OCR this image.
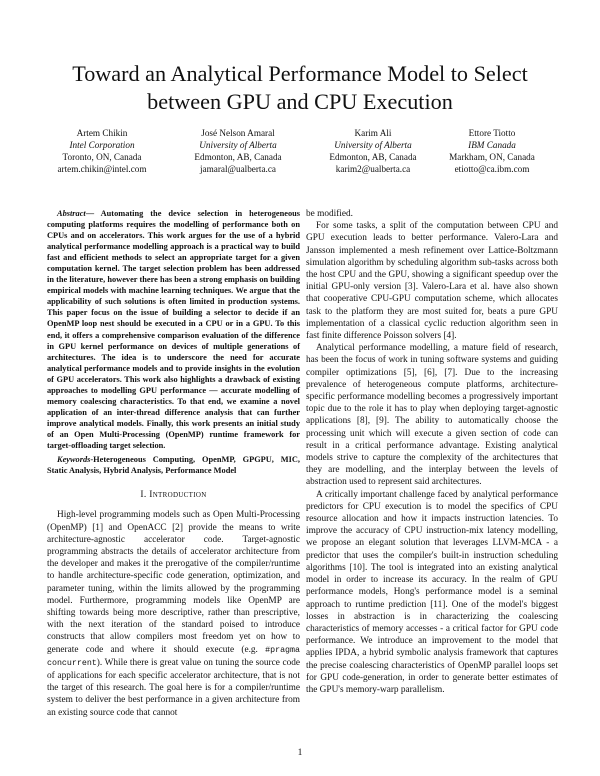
Toward an Analytical Performance Model to Select between GPU and CPU Execution
Artem Chikin
Intel Corporation
Toronto, ON, Canada
artem.chikin@intel.com
José Nelson Amaral
University of Alberta
Edmonton, AB, Canada
jamaral@ualberta.ca
Karim Ali
University of Alberta
Edmonton, AB, Canada
karim2@ualberta.ca
Ettore Tiotto
IBM Canada
Markham, ON, Canada
etiotto@ca.ibm.com

Abstract— Automating the device selection in heterogeneous computing platforms requires the modelling of performance both on CPUs and on accelerators. This work argues for the use of a hybrid analytical performance modelling approach is a practical way to build fast and efficient methods to select an appropriate target for a given computation kernel. The target selection problem has been addressed in the literature, however there has been a strong emphasis on building empirical models with machine learning techniques. We argue that the applicability of such solutions is often limited in production systems. This paper focus on the issue of building a selector to decide if an OpenMP loop nest should be executed in a CPU or in a GPU. To this end, it offers a comprehensive comparison evaluation of the difference in GPU kernel performance on devices of multiple generations of architectures. The idea is to underscore the need for accurate analytical performance models and to provide insights in the evolution of GPU accelerators. This work also highlights a drawback of existing approaches to modelling GPU performance — accurate modelling of memory coalescing characteristics. To that end, we examine a novel application of an inter-thread difference analysis that can further improve analytical models. Finally, this work presents an initial study of an Open Multi-Processing (OpenMP) runtime framework for target-offloading target selection.

Keywords-Heterogeneous Computing, OpenMP, GPGPU, MIC, Static Analysis, Hybrid Analysis, Performance Model

I. Introduction

High-level programming models such as Open Multi-Processing (OpenMP) [1] and OpenACC [2] provide the means to write architecture-agnostic accelerator code. Target-agnostic programming abstracts the details of accelerator architecture from the developer and makes it the prerogative of the compiler/runtime to handle architecture-specific code generation, optimization, and parameter tuning, within the limits allowed by the programming model. Furthermore, programming models like OpenMP are shifting towards being more descriptive, rather than prescriptive, with the next iteration of the standard poised to introduce constructs that allow compilers most freedom yet on how to generate code and where it should execute (e.g. #pragma concurrent). While there is great value on tuning the source code of applications for each specific accelerator architecture, that is not the target of this research. The goal here is for a compiler/runtime system to deliver the best performance in a given architecture from an existing source code that cannot

be modified.

For some tasks, a split of the computation between CPU and GPU execution leads to better performance. Valero-Lara and Jansson implemented a mesh refinement over Lattice-Boltzmann simulation algorithm by scheduling algorithm sub-tasks across both the host CPU and the GPU, showing a significant speedup over the initial GPU-only version [3]. Valero-Lara et al. have also shown that cooperative CPU-GPU computation scheme, which allocates task to the platform they are most suited for, beats a pure GPU implementation of a classical cyclic reduction algorithm seen in fast finite difference Poisson solvers [4].

Analytical performance modelling, a mature field of research, has been the focus of work in tuning software systems and guiding compiler optimizations [5], [6], [7]. Due to the increasing prevalence of heterogeneous compute platforms, architecture-specific performance modelling becomes a progressively important topic due to the role it has to play when deploying target-agnostic applications [8], [9]. The ability to automatically choose the processing unit which will execute a given section of code can result in a critical performance advantage. Existing analytical models strive to capture the complexity of the architectures that they are modelling, and the interplay between the levels of abstraction used to represent said architectures.

A critically important challenge faced by analytical performance predictors for CPU execution is to model the specifics of CPU resource allocation and how it impacts instruction latencies. To improve the accuracy of CPU instruction-mix latency modelling, we propose an elegant solution that leverages LLVM-MCA - a predictor that uses the compiler's built-in instruction scheduling algorithms [10]. The tool is integrated into an existing analytical model in order to increase its accuracy. In the realm of GPU performance models, Hong's performance model is a seminal approach to runtime prediction [11]. One of the model's biggest losses in abstraction is in characterizing the coalescing characteristics of memory accesses - a critical factor for GPU code performance. We introduce an improvement to the model that applies IPDA, a hybrid symbolic analysis framework that captures the precise coalescing characteristics of OpenMP parallel loops set for GPU code-generation, in order to generate better estimates of the GPU's memory-warp parallelism.

1
